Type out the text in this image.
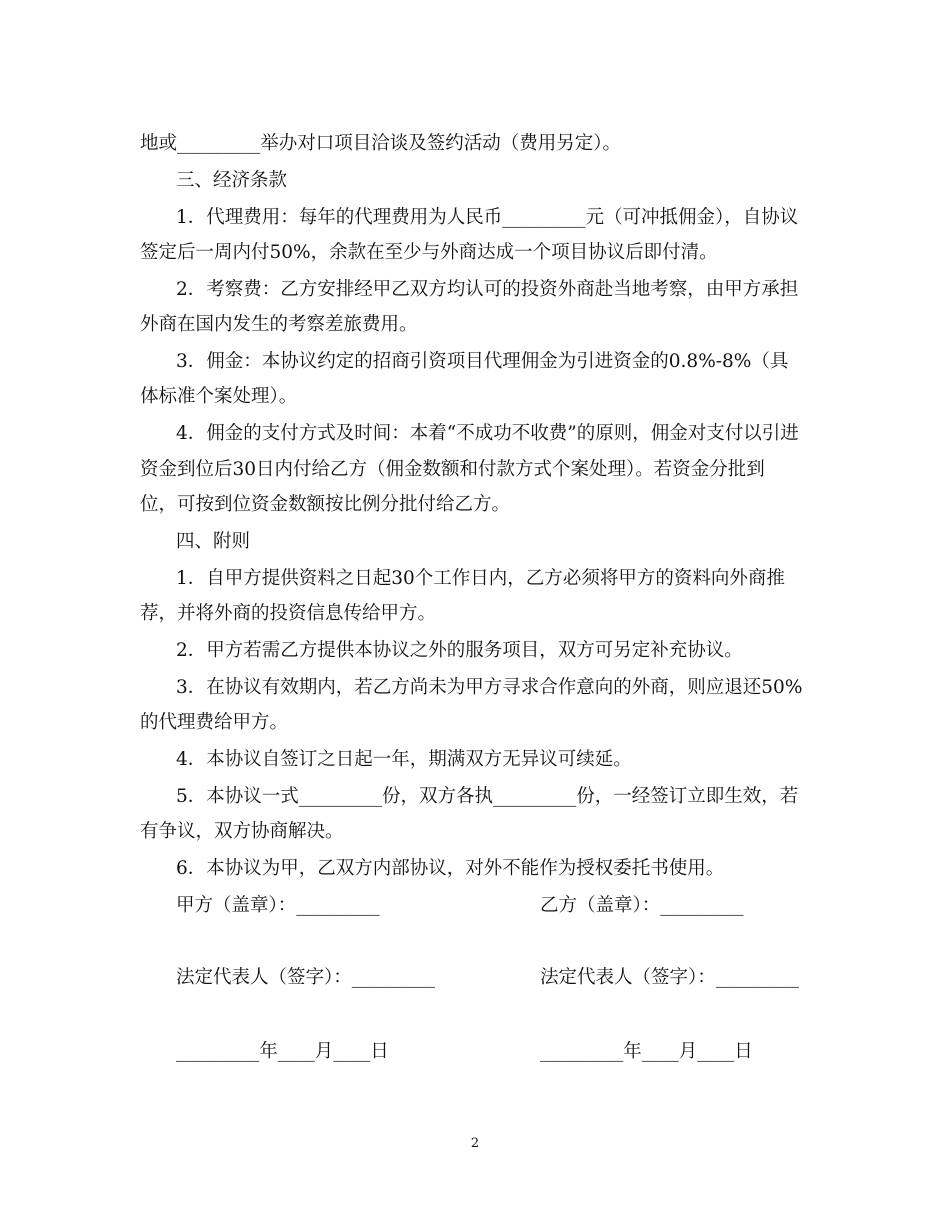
地或_________举办对口项目洽谈及签约活动（费用另定）。
三、经济条款
1．代理费用：每年的代理费用为人民币_________元（可冲抵佣金），自协议
签定后一周内付50%，余款在至少与外商达成一个项目协议后即付清。
2．考察费：乙方安排经甲乙双方均认可的投资外商赴当地考察，由甲方承担
外商在国内发生的考察差旅费用。
3．佣金：本协议约定的招商引资项目代理佣金为引进资金的0.8%-8%（具
体标准个案处理）。
4．佣金的支付方式及时间：本着“不成功不收费”的原则，佣金对支付以引进
资金到位后30日内付给乙方（佣金数额和付款方式个案处理）。若资金分批到
位，可按到位资金数额按比例分批付给乙方。
四、附则
1．自甲方提供资料之日起30个工作日内，乙方必须将甲方的资料向外商推
荐，并将外商的投资信息传给甲方。
2．甲方若需乙方提供本协议之外的服务项目，双方可另定补充协议。
3．在协议有效期内，若乙方尚未为甲方寻求合作意向的外商，则应退还50%
的代理费给甲方。
4．本协议自签订之日起一年，期满双方无异议可续延。
5．本协议一式_________份，双方各执_________份，一经签订立即生效，若
有争议，双方协商解决。
6．本协议为甲，乙双方内部协议，对外不能作为授权委托书使用。
甲方（盖章）：_________	乙方（盖章）：_________
法定代表人（签字）：_________	法定代表人（签字）：_________
_________年____月____日	_________年____月____日
2
